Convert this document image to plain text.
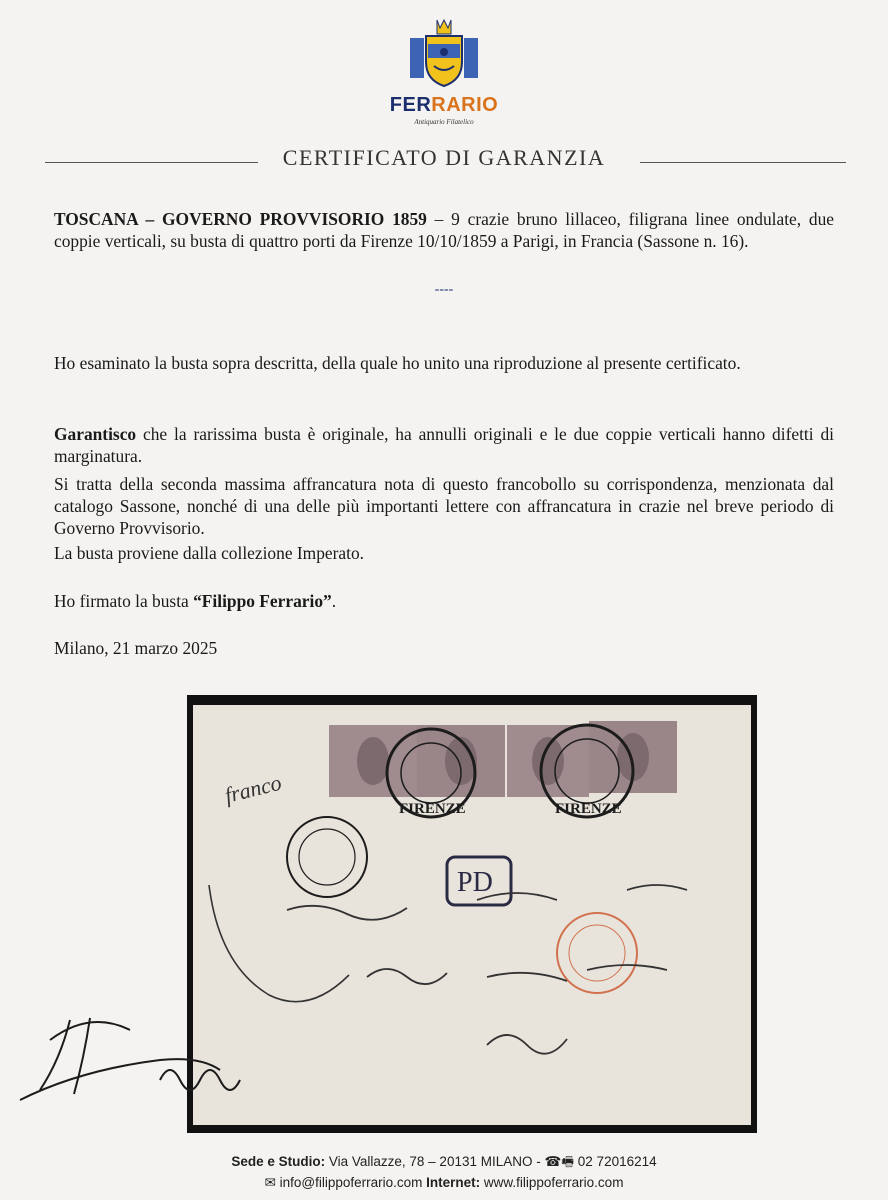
FERRARIO
Antiquario Filatelico
CERTIFICATO DI GARANZIA
TOSCANA – GOVERNO PROVVISORIO 1859 – 9 crazie bruno lillaceo, filigrana linee ondulate, due coppie verticali, su busta di quattro porti da Firenze 10/10/1859 a Parigi, in Francia (Sassone n. 16).
----
Ho esaminato la busta sopra descritta, della quale ho unito una riproduzione al presente certificato.
Garantisco che la rarissima busta è originale, ha annulli originali e le due coppie verticali hanno difetti di marginatura.
Si tratta della seconda massima affrancatura nota di questo francobollo su corrispondenza, menzionata dal catalogo Sassone, nonché di una delle più importanti lettere con affrancatura in crazie nel breve periodo di Governo Provvisorio.
La busta proviene dalla collezione Imperato.
Ho firmato la busta “Filippo Ferrario”.
Milano, 21 marzo 2025
FIRENZE	FIRENZE
PD
franco
Sede e Studio: Via Vallazze, 78 – 20131 MILANO - ☎🖷 02 72016214
✉ info@filippoferrario.com Internet: www.filippoferrario.com
